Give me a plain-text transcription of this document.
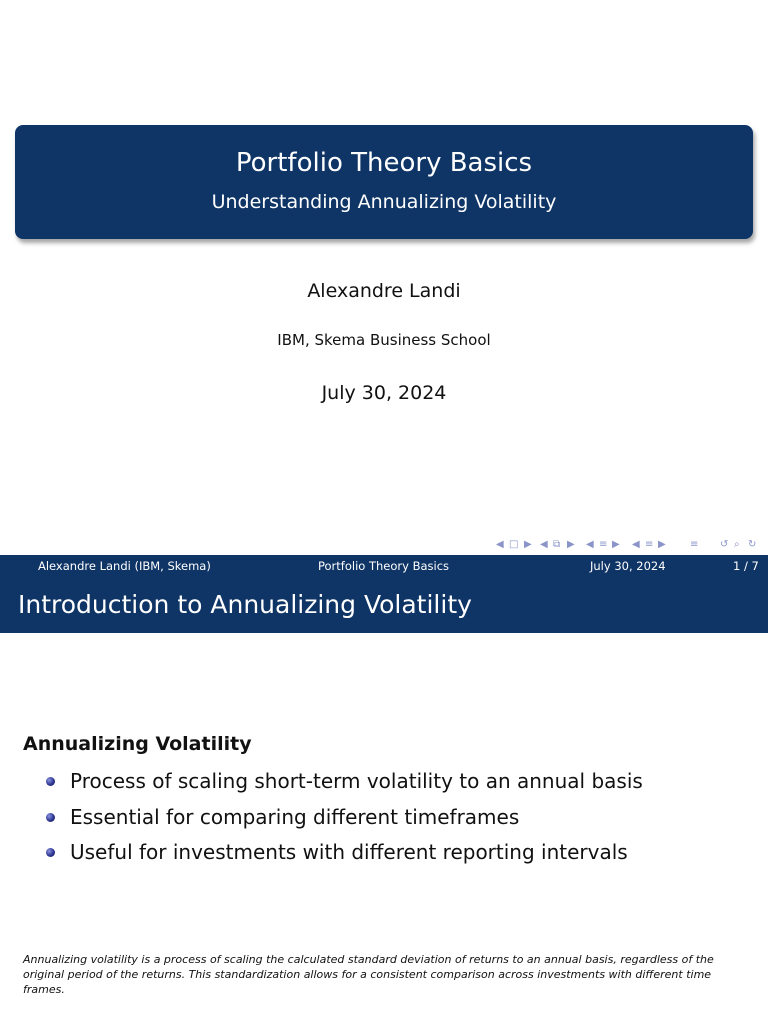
Portfolio Theory Basics
Understanding Annualizing Volatility
Alexandre Landi
IBM, Skema Business School
July 30, 2024
◀ □ ▶ ◀ ⧉ ▶ ◀ ≡ ▶ ◀ ≡ ▶ ≡ ↺ ⌕ ↻
Alexandre Landi (IBM, Skema)	Portfolio Theory Basics	July 30, 2024	1 / 7
Introduction to Annualizing Volatility
Annualizing Volatility
Process of scaling short-term volatility to an annual basis
Essential for comparing different timeframes
Useful for investments with different reporting intervals
Annualizing volatility is a process of scaling the calculated standard deviation of returns to an annual basis, regardless of the original period of the returns. This standardization allows for a consistent comparison across investments with different time frames.
